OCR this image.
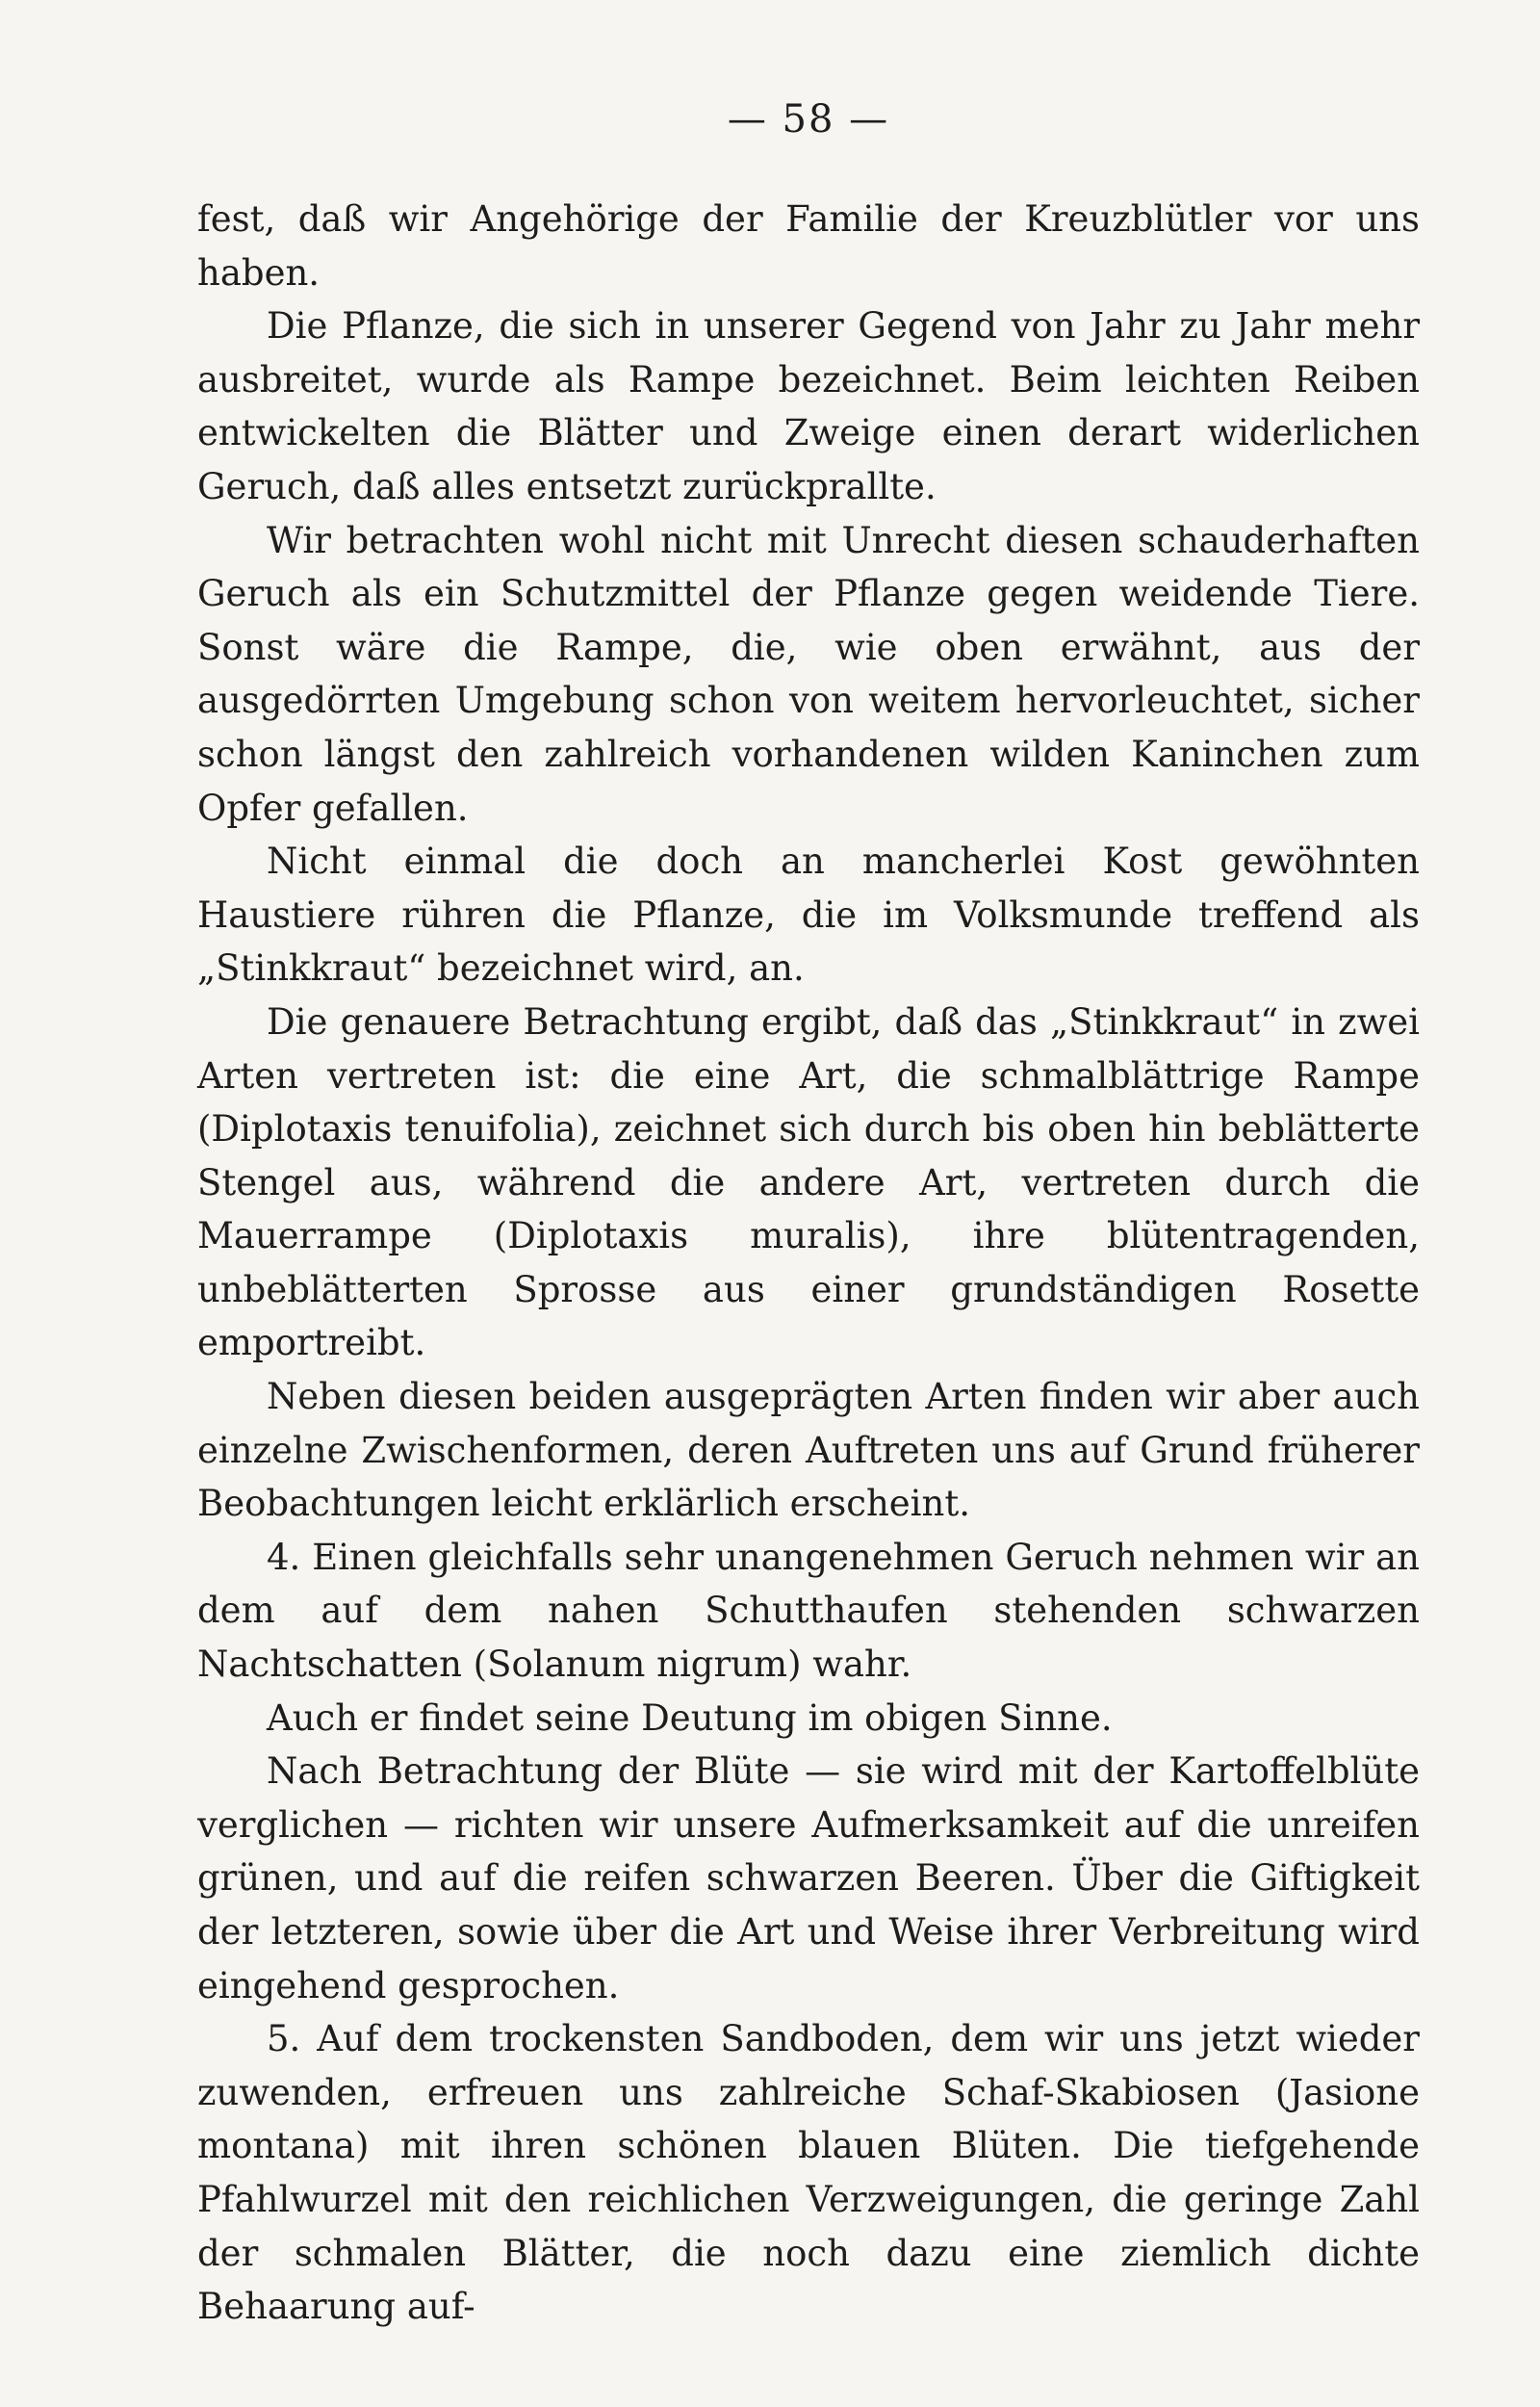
— 58 —

fest, daß wir Angehörige der Familie der Kreuzblütler vor uns haben.

Die Pflanze, die sich in unserer Gegend von Jahr zu Jahr mehr ausbreitet, wurde als Rampe bezeichnet. Beim leichten Reiben entwickelten die Blätter und Zweige einen derart widerlichen Geruch, daß alles entsetzt zurückprallte.

Wir betrachten wohl nicht mit Unrecht diesen schauderhaften Geruch als ein Schutzmittel der Pflanze gegen weidende Tiere. Sonst wäre die Rampe, die, wie oben erwähnt, aus der ausgedörrten Umgebung schon von weitem hervorleuchtet, sicher schon längst den zahlreich vorhandenen wilden Kaninchen zum Opfer gefallen.

Nicht einmal die doch an mancherlei Kost gewöhnten Haustiere rühren die Pflanze, die im Volksmunde treffend als „Stinkkraut“ bezeichnet wird, an.

Die genauere Betrachtung ergibt, daß das „Stinkkraut“ in zwei Arten vertreten ist: die eine Art, die schmalblättrige Rampe (Diplotaxis tenuifolia), zeichnet sich durch bis oben hin beblätterte Stengel aus, während die andere Art, vertreten durch die Mauerrampe (Diplotaxis muralis), ihre blütentragenden, unbeblätterten Sprosse aus einer grundständigen Rosette emportreibt.

Neben diesen beiden ausgeprägten Arten finden wir aber auch einzelne Zwischenformen, deren Auftreten uns auf Grund früherer Beobachtungen leicht erklärlich erscheint.

4. Einen gleichfalls sehr unangenehmen Geruch nehmen wir an dem auf dem nahen Schutthaufen stehenden schwarzen Nachtschatten (Solanum nigrum) wahr.

Auch er findet seine Deutung im obigen Sinne.

Nach Betrachtung der Blüte — sie wird mit der Kartoffelblüte verglichen — richten wir unsere Aufmerksamkeit auf die unreifen grünen, und auf die reifen schwarzen Beeren. Über die Giftigkeit der letzteren, sowie über die Art und Weise ihrer Verbreitung wird eingehend gesprochen.

5. Auf dem trockensten Sandboden, dem wir uns jetzt wieder zuwenden, erfreuen uns zahlreiche Schaf-Skabiosen (Jasione montana) mit ihren schönen blauen Blüten. Die tiefgehende Pfahlwurzel mit den reichlichen Verzweigungen, die geringe Zahl der schmalen Blätter, die noch dazu eine ziemlich dichte Behaarung auf-
